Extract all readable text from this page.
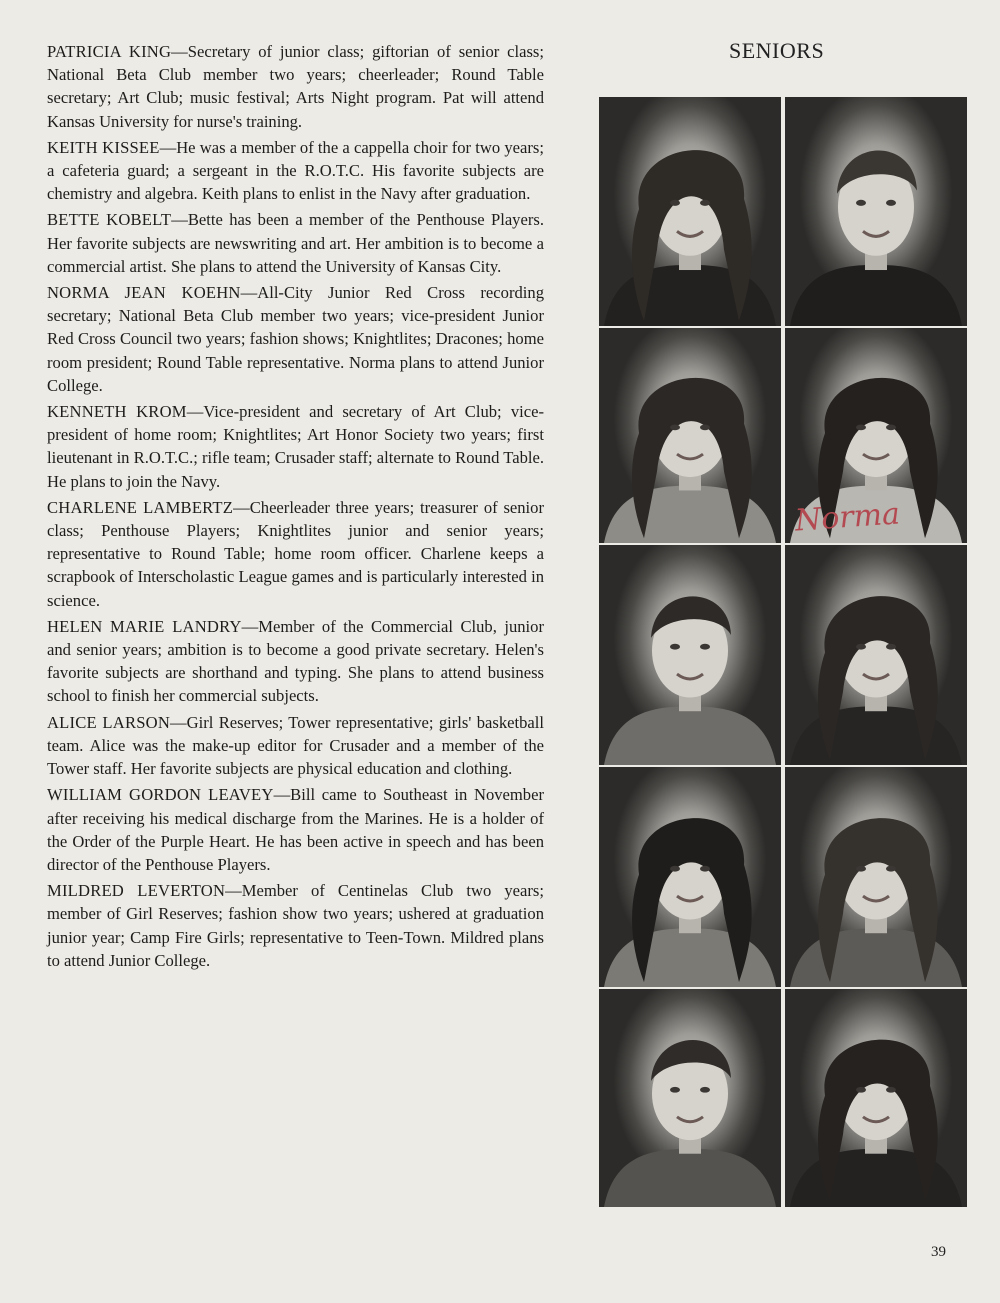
SENIORS

PATRICIA KING—Secretary of junior class; giftorian of senior class; National Beta Club member two years; cheerleader; Round Table secretary; Art Club; music festival; Arts Night program. Pat will attend Kansas University for nurse's training.

KEITH KISSEE—He was a member of the a cappella choir for two years; a cafeteria guard; a sergeant in the R.O.T.C. His favorite subjects are chemistry and algebra. Keith plans to enlist in the Navy after graduation.

BETTE KOBELT—Bette has been a member of the Penthouse Players. Her favorite subjects are newswriting and art. Her ambition is to become a commercial artist. She plans to attend the University of Kansas City.

NORMA JEAN KOEHN—All-City Junior Red Cross recording secretary; National Beta Club member two years; vice-president Junior Red Cross Council two years; fashion shows; Knightlites; Dracones; home room president; Round Table representative. Norma plans to attend Junior College.

KENNETH KROM—Vice-president and secretary of Art Club; vice-president of home room; Knightlites; Art Honor Society two years; first lieutenant in R.O.T.C.; rifle team; Crusader staff; alternate to Round Table. He plans to join the Navy.

CHARLENE LAMBERTZ—Cheerleader three years; treasurer of senior class; Penthouse Players; Knightlites junior and senior years; representative to Round Table; home room officer. Charlene keeps a scrapbook of Interscholastic League games and is particularly interested in science.

HELEN MARIE LANDRY—Member of the Commercial Club, junior and senior years; ambition is to become a good private secretary. Helen's favorite subjects are shorthand and typing. She plans to attend business school to finish her commercial subjects.

ALICE LARSON—Girl Reserves; Tower representative; girls' basketball team. Alice was the make-up editor for Crusader and a member of the Tower staff. Her favorite subjects are physical education and clothing.

WILLIAM GORDON LEAVEY—Bill came to Southeast in November after receiving his medical discharge from the Marines. He is a holder of the Order of the Purple Heart. He has been active in speech and has been director of the Penthouse Players.

MILDRED LEVERTON—Member of Centinelas Club two years; member of Girl Reserves; fashion show two years; ushered at graduation junior year; Camp Fire Girls; representative to Teen-Town. Mildred plans to attend Junior College.

Norma
39
